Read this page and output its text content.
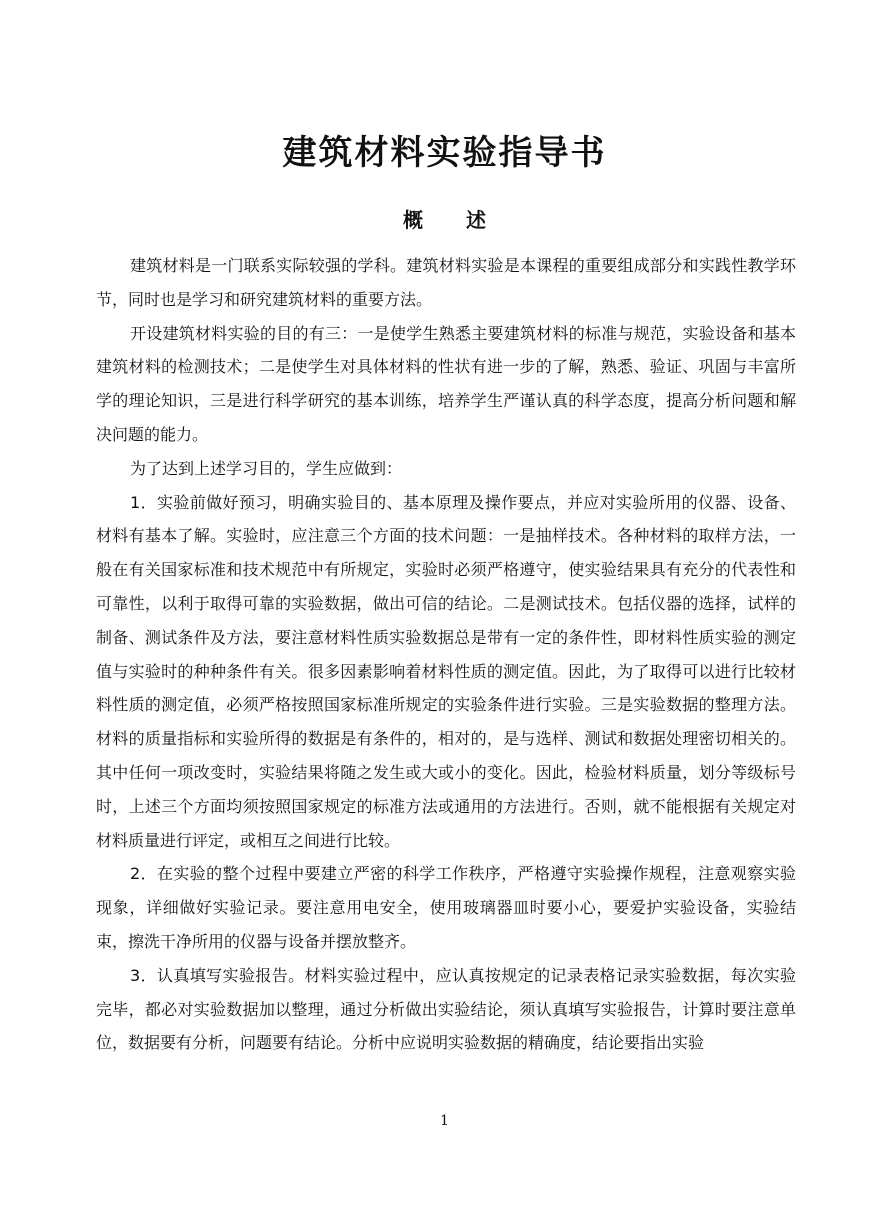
建筑材料实验指导书
概 述

建筑材料是一门联系实际较强的学科。建筑材料实验是本课程的重要组成部分和实践性教学环节，同时也是学习和研究建筑材料的重要方法。

开设建筑材料实验的目的有三：一是使学生熟悉主要建筑材料的标准与规范，实验设备和基本建筑材料的检测技术；二是使学生对具体材料的性状有进一步的了解，熟悉、验证、巩固与丰富所学的理论知识，三是进行科学研究的基本训练，培养学生严谨认真的科学态度，提高分析问题和解决问题的能力。

为了达到上述学习目的，学生应做到：

1．实验前做好预习，明确实验目的、基本原理及操作要点，并应对实验所用的仪器、设备、材料有基本了解。实验时，应注意三个方面的技术问题：一是抽样技术。各种材料的取样方法，一般在有关国家标准和技术规范中有所规定，实验时必须严格遵守，使实验结果具有充分的代表性和可靠性，以利于取得可靠的实验数据，做出可信的结论。二是测试技术。包括仪器的选择，试样的制备、测试条件及方法，要注意材料性质实验数据总是带有一定的条件性，即材料性质实验的测定值与实验时的种种条件有关。很多因素影响着材料性质的测定值。因此，为了取得可以进行比较材料性质的测定值，必须严格按照国家标准所规定的实验条件进行实验。三是实验数据的整理方法。材料的质量指标和实验所得的数据是有条件的，相对的，是与选样、测试和数据处理密切相关的。其中任何一项改变时，实验结果将随之发生或大或小的变化。因此，检验材料质量，划分等级标号时，上述三个方面均须按照国家规定的标准方法或通用的方法进行。否则，就不能根据有关规定对材料质量进行评定，或相互之间进行比较。

2．在实验的整个过程中要建立严密的科学工作秩序，严格遵守实验操作规程，注意观察实验现象，详细做好实验记录。要注意用电安全，使用玻璃器皿时要小心，要爱护实验设备，实验结束，擦洗干净所用的仪器与设备并摆放整齐。

3．认真填写实验报告。材料实验过程中，应认真按规定的记录表格记录实验数据，每次实验完毕，都必对实验数据加以整理，通过分析做出实验结论，须认真填写实验报告，计算时要注意单位，数据要有分析，问题要有结论。分析中应说明实验数据的精确度，结论要指出实验

1
